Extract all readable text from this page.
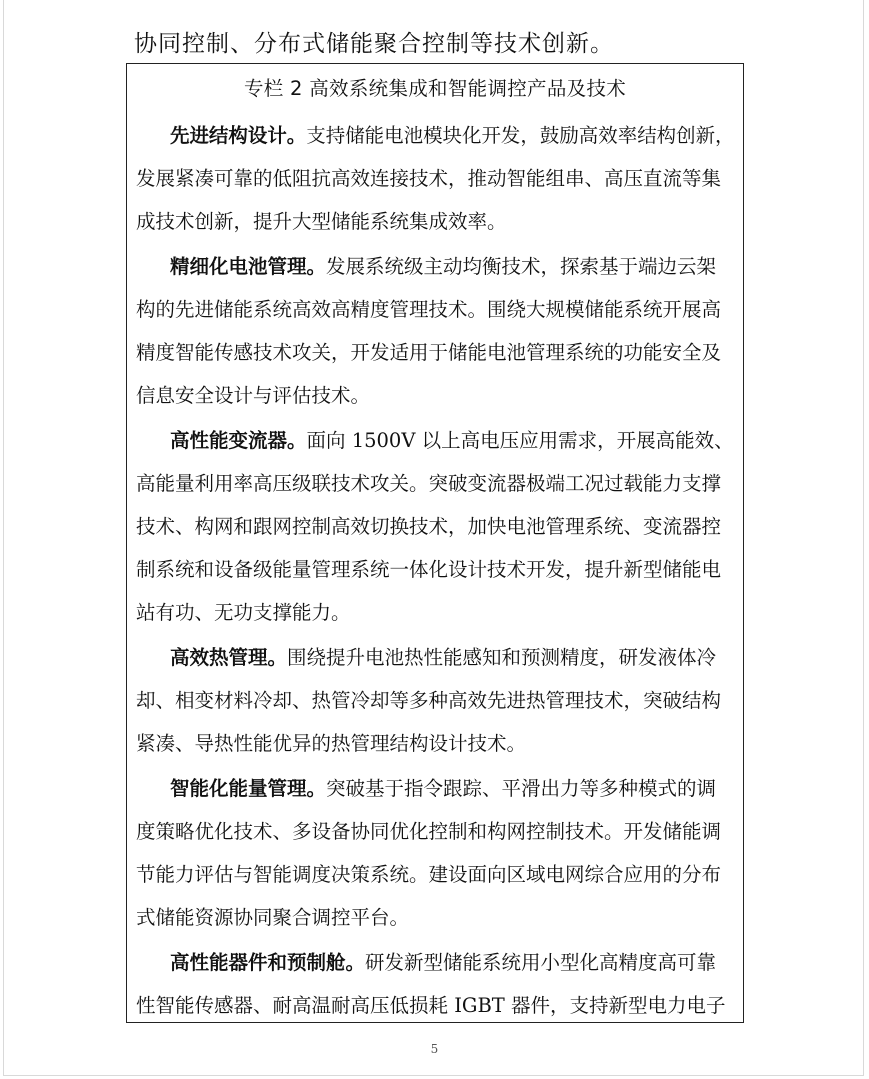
协同控制、分布式储能聚合控制等技术创新。
专栏 2 高效系统集成和智能调控产品及技术
先进结构设计。支持储能电池模块化开发，鼓励高效率结构创新，
发展紧凑可靠的低阻抗高效连接技术，推动智能组串、高压直流等集
成技术创新，提升大型储能系统集成效率。
精细化电池管理。发展系统级主动均衡技术，探索基于端边云架
构的先进储能系统高效高精度管理技术。围绕大规模储能系统开展高
精度智能传感技术攻关，开发适用于储能电池管理系统的功能安全及
信息安全设计与评估技术。
高性能变流器。面向 1500V 以上高电压应用需求，开展高能效、
高能量利用率高压级联技术攻关。突破变流器极端工况过载能力支撑
技术、构网和跟网控制高效切换技术，加快电池管理系统、变流器控
制系统和设备级能量管理系统一体化设计技术开发，提升新型储能电
站有功、无功支撑能力。
高效热管理。围绕提升电池热性能感知和预测精度，研发液体冷
却、相变材料冷却、热管冷却等多种高效先进热管理技术，突破结构
紧凑、导热性能优异的热管理结构设计技术。
智能化能量管理。突破基于指令跟踪、平滑出力等多种模式的调
度策略优化技术、多设备协同优化控制和构网控制技术。开发储能调
节能力评估与智能调度决策系统。建设面向区域电网综合应用的分布
式储能资源协同聚合调控平台。
高性能器件和预制舱。研发新型储能系统用小型化高精度高可靠
性智能传感器、耐高温耐高压低损耗 IGBT 器件，支持新型电力电子
5
